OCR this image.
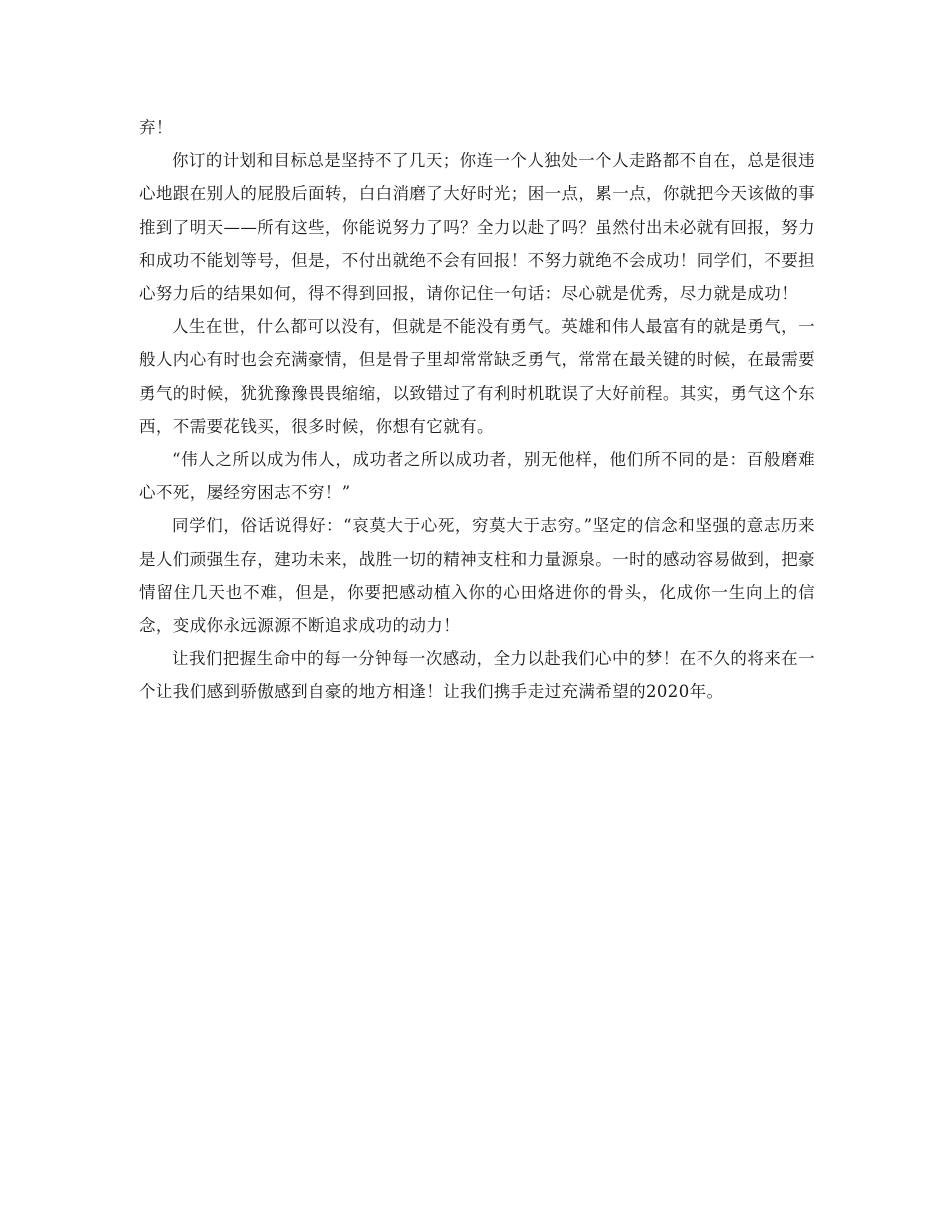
弃！

你订的计划和目标总是坚持不了几天；你连一个人独处一个人走路都不自在，总是很违心地跟在别人的屁股后面转，白白消磨了大好时光；困一点，累一点，你就把今天该做的事推到了明天——所有这些，你能说努力了吗？全力以赴了吗？虽然付出未必就有回报，努力和成功不能划等号，但是，不付出就绝不会有回报！不努力就绝不会成功！同学们，不要担心努力后的结果如何，得不得到回报，请你记住一句话：尽心就是优秀，尽力就是成功！

人生在世，什么都可以没有，但就是不能没有勇气。英雄和伟人最富有的就是勇气，一般人内心有时也会充满豪情，但是骨子里却常常缺乏勇气，常常在最关键的时候，在最需要勇气的时候，犹犹豫豫畏畏缩缩，以致错过了有利时机耽误了大好前程。其实，勇气这个东西，不需要花钱买，很多时候，你想有它就有。

“伟人之所以成为伟人，成功者之所以成功者，别无他样，他们所不同的是：百般磨难心不死，屡经穷困志不穷！”

同学们，俗话说得好：“哀莫大于心死，穷莫大于志穷。”坚定的信念和坚强的意志历来是人们顽强生存，建功未来，战胜一切的精神支柱和力量源泉。一时的感动容易做到，把豪情留住几天也不难，但是，你要把感动植入你的心田烙进你的骨头，化成你一生向上的信念，变成你永远源源不断追求成功的动力！

让我们把握生命中的每一分钟每一次感动，全力以赴我们心中的梦！在不久的将来在一个让我们感到骄傲感到自豪的地方相逢！让我们携手走过充满希望的2020年。
